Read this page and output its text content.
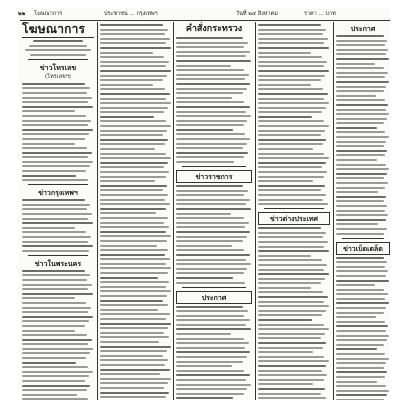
๒๒ โฆษณาการ	ประชาชน ... กรุงเทพฯ	วันที่ ๒๔ สิงหาคม	ราคา ... บาท
โฆษณาการ
ข่าวโทรเลข
(โทรเลขฯ)
ข่าวกรุงเทพฯ
ข่าวในพระนคร
คำสั่งกระทรวง
ข่าวราชการ
ประกาศ
ข่าวต่างประเทศ
ประกาศ
ข่าวเบ็ดเตล็ด
